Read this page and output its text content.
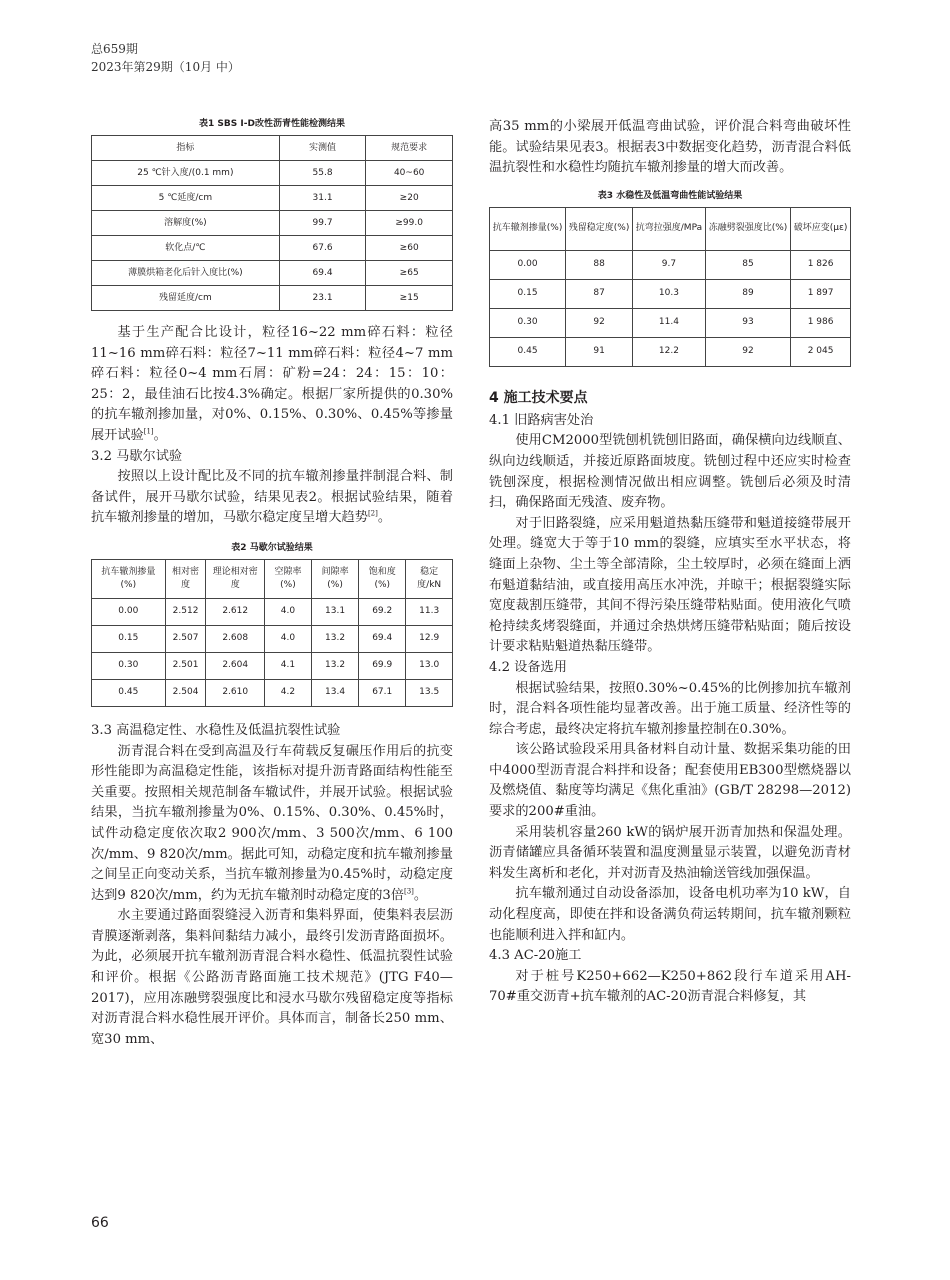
总659期
2023年第29期（10月 中）
表1 SBS I-D改性沥青性能检测结果
指标	实测值	规范要求
25 ℃针入度/(0.1 mm)	55.8	40~60
5 ℃延度/cm	31.1	≥20
溶解度(%)	99.7	≥99.0
软化点/℃	67.6	≥60
薄膜烘箱老化后针入度比(%)	69.4	≥65
残留延度/cm	23.1	≥15

基于生产配合比设计，粒径16~22 mm碎石料：粒径11~16 mm碎石料：粒径7~11 mm碎石料：粒径4~7 mm碎石料：粒径0~4 mm石屑：矿粉=24：24：15：10：25：2，最佳油石比按4.3%确定。根据厂家所提供的0.30%的抗车辙剂掺加量，对0%、0.15%、0.30%、0.45%等掺量展开试验[1]。

3.2 马歇尔试验

按照以上设计配比及不同的抗车辙剂掺量拌制混合料、制备试件，展开马歇尔试验，结果见表2。根据试验结果，随着抗车辙剂掺量的增加，马歇尔稳定度呈增大趋势[2]。

表2 马歇尔试验结果
抗车辙剂掺量(%)	相对密度	理论相对密度	空隙率(%)	间隙率(%)	饱和度(%)	稳定度/kN
0.00	2.512	2.612	4.0	13.1	69.2	11.3
0.15	2.507	2.608	4.0	13.2	69.4	12.9
0.30	2.501	2.604	4.1	13.2	69.9	13.0
0.45	2.504	2.610	4.2	13.4	67.1	13.5
3.3 高温稳定性、水稳性及低温抗裂性试验

沥青混合料在受到高温及行车荷载反复碾压作用后的抗变形性能即为高温稳定性能，该指标对提升沥青路面结构性能至关重要。按照相关规范制备车辙试件，并展开试验。根据试验结果，当抗车辙剂掺量为0%、0.15%、0.30%、0.45%时，试件动稳定度依次取2 900次/mm、3 500次/mm、6 100次/mm、9 820次/mm。据此可知，动稳定度和抗车辙剂掺量之间呈正向变动关系，当抗车辙剂掺量为0.45%时，动稳定度达到9 820次/mm，约为无抗车辙剂时动稳定度的3倍[3]。

水主要通过路面裂缝浸入沥青和集料界面，使集料表层沥青膜逐渐剥落，集料间黏结力减小，最终引发沥青路面损坏。为此，必须展开抗车辙剂沥青混合料水稳性、低温抗裂性试验和评价。根据《公路沥青路面施工技术规范》(JTG F40—2017)，应用冻融劈裂强度比和浸水马歇尔残留稳定度等指标对沥青混合料水稳性展开评价。具体而言，制备长250 mm、宽30 mm、

高35 mm的小梁展开低温弯曲试验，评价混合料弯曲破坏性能。试验结果见表3。根据表3中数据变化趋势，沥青混合料低温抗裂性和水稳性均随抗车辙剂掺量的增大而改善。

表3 水稳性及低温弯曲性能试验结果
抗车辙剂掺量(%)	残留稳定度(%)	抗弯拉强度/MPa	冻融劈裂强度比(%)	破坏应变(με)
0.00	88	9.7	85	1 826
0.15	87	10.3	89	1 897
0.30	92	11.4	93	1 986
0.45	91	12.2	92	2 045
4 施工技术要点
4.1 旧路病害处治

使用CM2000型铣刨机铣刨旧路面，确保横向边线顺直、纵向边线顺适，并接近原路面坡度。铣刨过程中还应实时检查铣刨深度，根据检测情况做出相应调整。铣刨后必须及时清扫，确保路面无残渣、废弃物。

对于旧路裂缝，应采用魁道热黏压缝带和魁道接缝带展开处理。缝宽大于等于10 mm的裂缝，应填实至水平状态，将缝面上杂物、尘土等全部清除，尘土较厚时，必须在缝面上洒布魁道黏结油，或直接用高压水冲洗，并晾干；根据裂缝实际宽度裁割压缝带，其间不得污染压缝带粘贴面。使用液化气喷枪持续炙烤裂缝面，并通过余热烘烤压缝带粘贴面；随后按设计要求粘贴魁道热黏压缝带。

4.2 设备选用

根据试验结果，按照0.30%~0.45%的比例掺加抗车辙剂时，混合料各项性能均显著改善。出于施工质量、经济性等的综合考虑，最终决定将抗车辙剂掺量控制在0.30%。

该公路试验段采用具备材料自动计量、数据采集功能的田中4000型沥青混合料拌和设备；配套使用EB300型燃烧器以及燃烧值、黏度等均满足《焦化重油》(GB/T 28298—2012)要求的200#重油。

采用装机容量260 kW的锅炉展开沥青加热和保温处理。沥青储罐应具备循环装置和温度测量显示装置，以避免沥青材料发生离析和老化，并对沥青及热油输送管线加强保温。

抗车辙剂通过自动设备添加，设备电机功率为10 kW，自动化程度高，即使在拌和设备满负荷运转期间，抗车辙剂颗粒也能顺利进入拌和缸内。

4.3 AC-20施工

对于桩号K250+662—K250+862段行车道采用AH-70#重交沥青+抗车辙剂的AC-20沥青混合料修复，其

66
